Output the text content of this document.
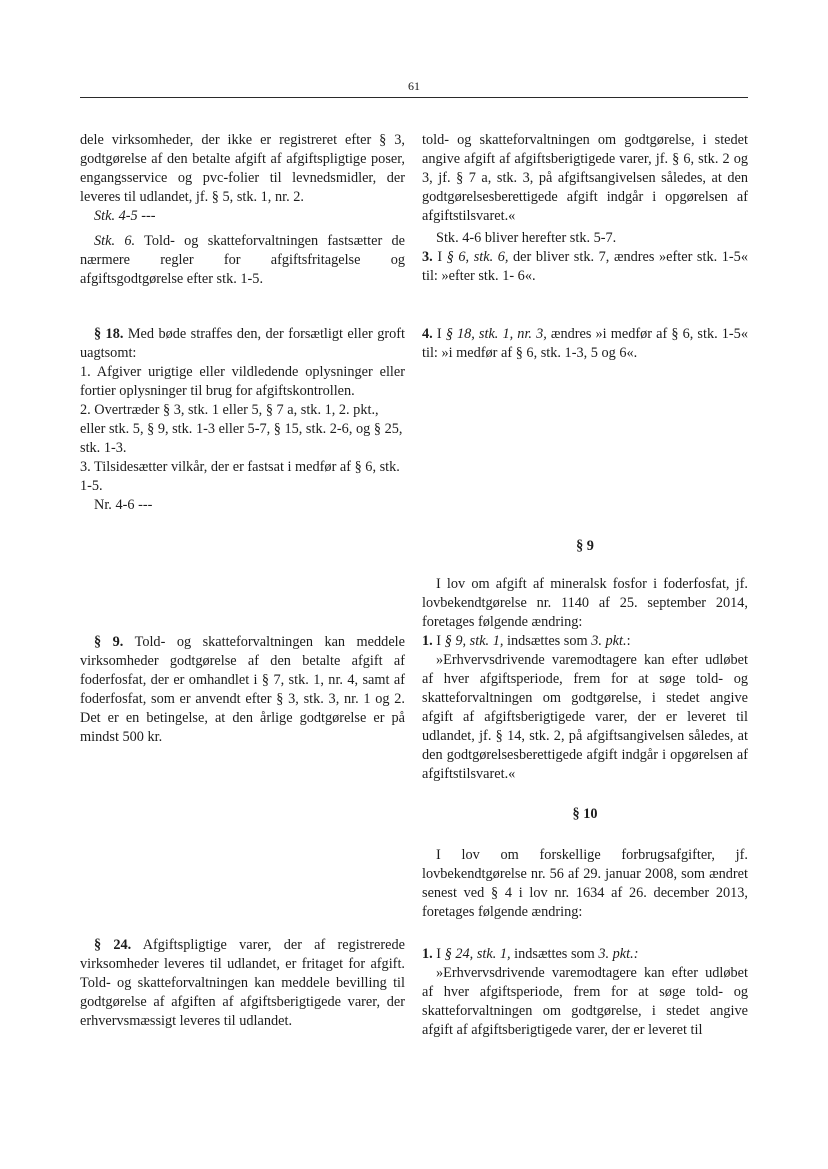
61

dele virksomheder, der ikke er registreret efter § 3, godtgørelse af den betalte afgift af afgiftspligtige poser, engangsservice og pvc-folier til levnedsmidler, der leveres til udlandet, jf. § 5, stk. 1, nr. 2.

Stk. 4-5 ---

Stk. 6. Told- og skatteforvaltningen fastsætter de nærmere regler for afgiftsfritagelse og afgiftsgodtgørelse efter stk. 1-5.

§ 18. Med bøde straffes den, der forsætligt eller groft uagtsomt:

1. Afgiver urigtige eller vildledende oplysninger eller fortier oplysninger til brug for afgiftskontrollen.

2. Overtræder § 3, stk. 1 eller 5, § 7 a, stk. 1, 2. pkt., eller stk. 5, § 9, stk. 1-3 eller 5-7, § 15, stk. 2-6, og § 25, stk. 1-3.

3. Tilsidesætter vilkår, der er fastsat i medfør af § 6, stk. 1-5.

Nr. 4-6 ---

§ 9. Told- og skatteforvaltningen kan meddele virksomheder godtgørelse af den betalte afgift af foderfosfat, der er omhandlet i § 7, stk. 1, nr. 4, samt af foderfosfat, som er anvendt efter § 3, stk. 3, nr. 1 og 2. Det er en betingelse, at den årlige godtgørelse er på mindst 500 kr.

§ 24. Afgiftspligtige varer, der af registrerede virksomheder leveres til udlandet, er fritaget for afgift. Told- og skatteforvaltningen kan meddele bevilling til godtgørelse af afgiften af afgiftsberigtigede varer, der erhvervsmæssigt leveres til udlandet.

told- og skatteforvaltningen om godtgørelse, i stedet angive afgift af afgiftsberigtigede varer, jf. § 6, stk. 2 og 3, jf. § 7 a, stk. 3, på afgiftsangivelsen således, at den godtgørelsesberettigede afgift indgår i opgørelsen af afgiftstilsvaret.«

Stk. 4-6 bliver herefter stk. 5-7.

3. I § 6, stk. 6, der bliver stk. 7, ændres »efter stk. 1-5« til: »efter stk. 1- 6«.

4. I § 18, stk. 1, nr. 3, ændres »i medfør af § 6, stk. 1-5« til: »i medfør af § 6, stk. 1-3, 5 og 6«.

§ 9

I lov om afgift af mineralsk fosfor i foderfosfat, jf. lovbekendtgørelse nr. 1140 af 25. september 2014, foretages følgende ændring:

1. I § 9, stk. 1, indsættes som 3. pkt.:

»Erhvervsdrivende varemodtagere kan efter udløbet af hver afgiftsperiode, frem for at søge told- og skatteforvaltningen om godtgørelse, i stedet angive afgift af afgiftsberigtigede varer, der er leveret til udlandet, jf. § 14, stk. 2, på afgiftsangivelsen således, at den godtgørelsesberettigede afgift indgår i opgørelsen af afgiftstilsvaret.«

§ 10

I lov om forskellige forbrugsafgifter, jf. lovbekendtgørelse nr. 56 af 29. januar 2008, som ændret senest ved § 4 i lov nr. 1634 af 26. december 2013, foretages følgende ændring:

1. I § 24, stk. 1, indsættes som 3. pkt.:

»Erhvervsdrivende varemodtagere kan efter udløbet af hver afgiftsperiode, frem for at søge told- og skatteforvaltningen om godtgørelse, i stedet angive afgift af afgiftsberigtigede varer, der er leveret til
